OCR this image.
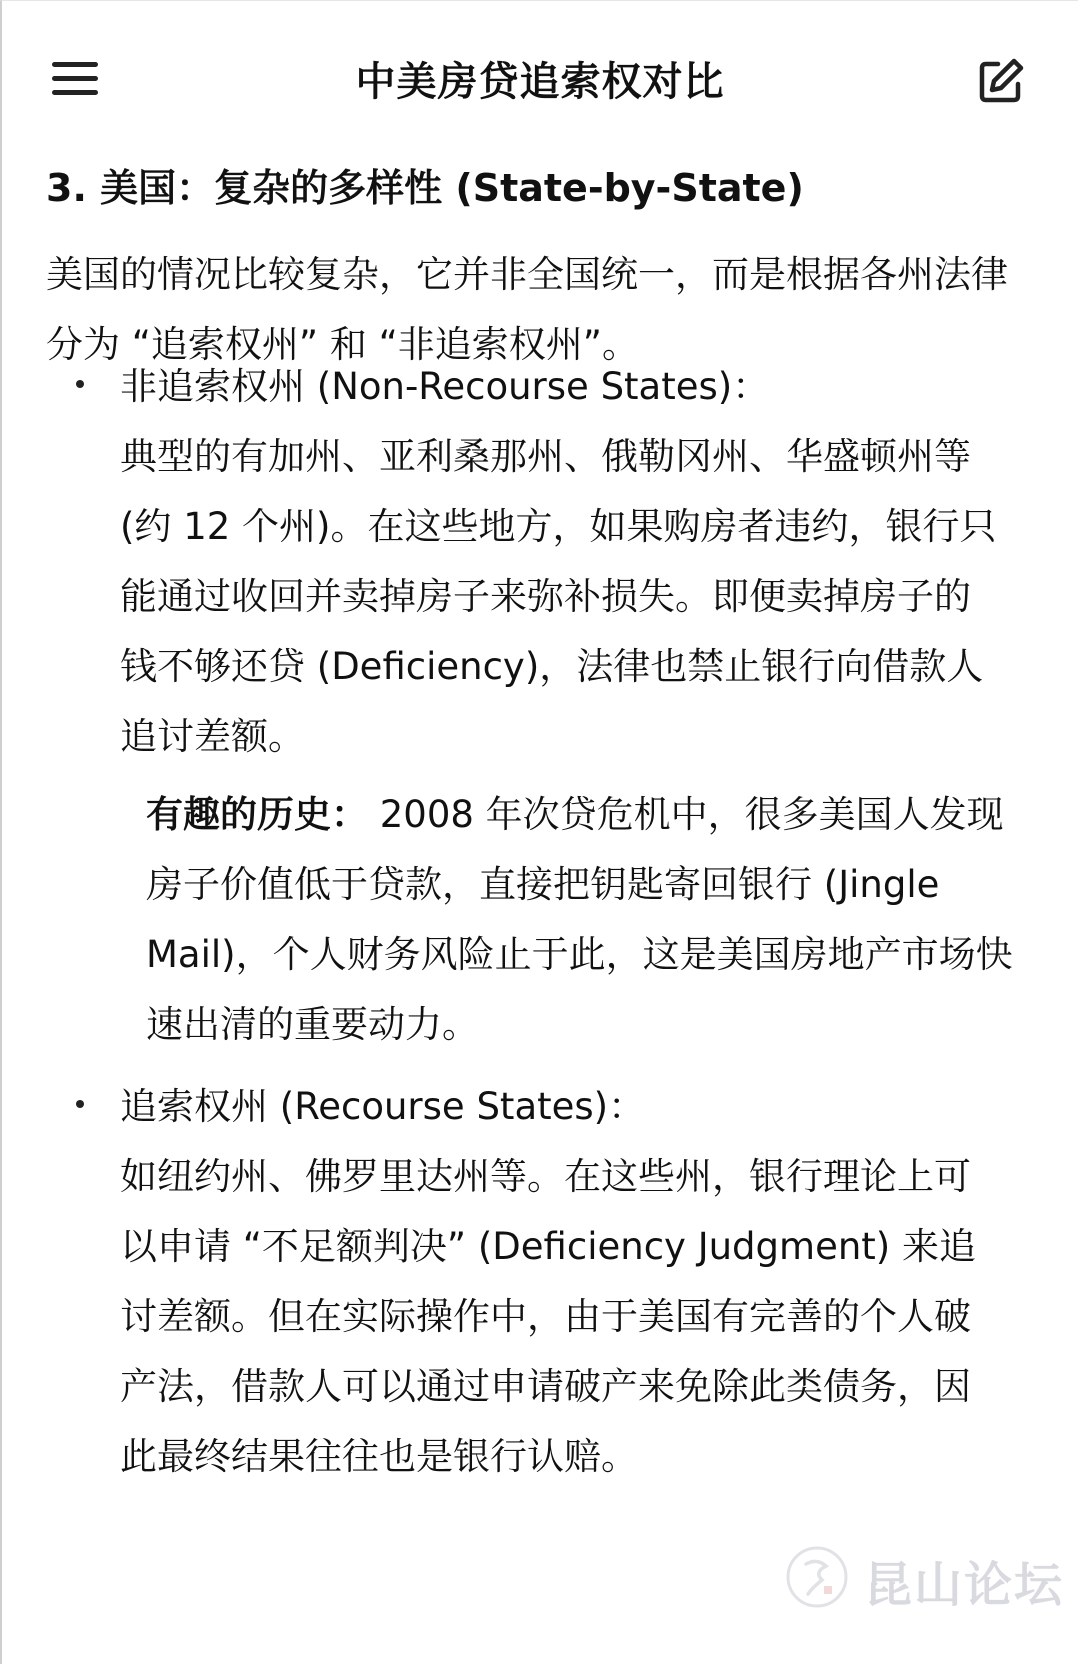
中美房贷追索权对比
3. 美国：复杂的多样性 (State-by-State)

美国的情况比较复杂，它并非全国统一，而是根据各州法律分为 “追索权州” 和 “非追索权州”。

非追索权州 (Non-Recourse States)：
典型的有加州、亚利桑那州、俄勒冈州、华盛顿州等 (约 12 个州)。在这些地方，如果购房者违约，银行只能通过收回并卖掉房子来弥补损失。即便卖掉房子的钱不够还贷 (Deficiency)，法律也禁止银行向借款人追讨差额。
有趣的历史： 2008 年次贷危机中，很多美国人发现房子价值低于贷款，直接把钥匙寄回银行 (Jingle Mail)，个人财务风险止于此，这是美国房地产市场快速出清的重要动力。
追索权州 (Recourse States)：
如纽约州、佛罗里达州等。在这些州，银行理论上可以申请 “不足额判决” (Deficiency Judgment) 来追讨差额。但在实际操作中，由于美国有完善的个人破产法，借款人可以通过申请破产来免除此类债务，因此最终结果往往也是银行认赔。
昆山论坛
